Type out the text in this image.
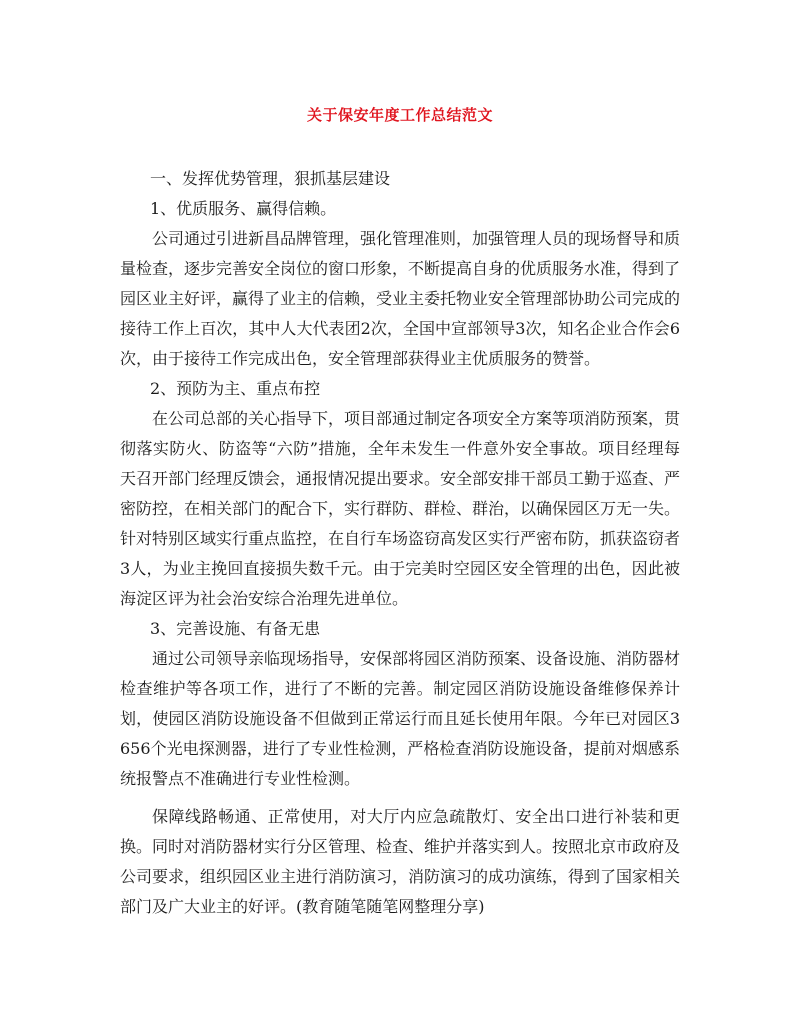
关于保安年度工作总结范文

一、发挥优势管理，狠抓基层建设

1、优质服务、赢得信赖。

公司通过引进新昌品牌管理，强化管理准则，加强管理人员的现场督导和质量检查，逐步完善安全岗位的窗口形象，不断提高自身的优质服务水准，得到了园区业主好评，赢得了业主的信赖，受业主委托物业安全管理部协助公司完成的接待工作上百次，其中人大代表团2次，全国中宣部领导3次，知名企业合作会6次，由于接待工作完成出色，安全管理部获得业主优质服务的赞誉。

2、预防为主、重点布控

在公司总部的关心指导下，项目部通过制定各项安全方案等项消防预案，贯彻落实防火、防盗等“六防”措施，全年未发生一件意外安全事故。项目经理每天召开部门经理反馈会，通报情况提出要求。安全部安排干部员工勤于巡查、严密防控，在相关部门的配合下，实行群防、群检、群治，以确保园区万无一失。针对特别区域实行重点监控，在自行车场盗窃高发区实行严密布防，抓获盗窃者3人，为业主挽回直接损失数千元。由于完美时空园区安全管理的出色，因此被海淀区评为社会治安综合治理先进单位。

3、完善设施、有备无患

通过公司领导亲临现场指导，安保部将园区消防预案、设备设施、消防器材检查维护等各项工作，进行了不断的完善。制定园区消防设施设备维修保养计划，使园区消防设施设备不但做到正常运行而且延长使用年限。今年已对园区3656个光电探测器，进行了专业性检测，严格检查消防设施设备，提前对烟感系统报警点不准确进行专业性检测。

保障线路畅通、正常使用，对大厅内应急疏散灯、安全出口进行补装和更换。同时对消防器材实行分区管理、检查、维护并落实到人。按照北京市政府及公司要求，组织园区业主进行消防演习，消防演习的成功演练，得到了国家相关部门及广大业主的好评。(教育随笔随笔网整理分享)
